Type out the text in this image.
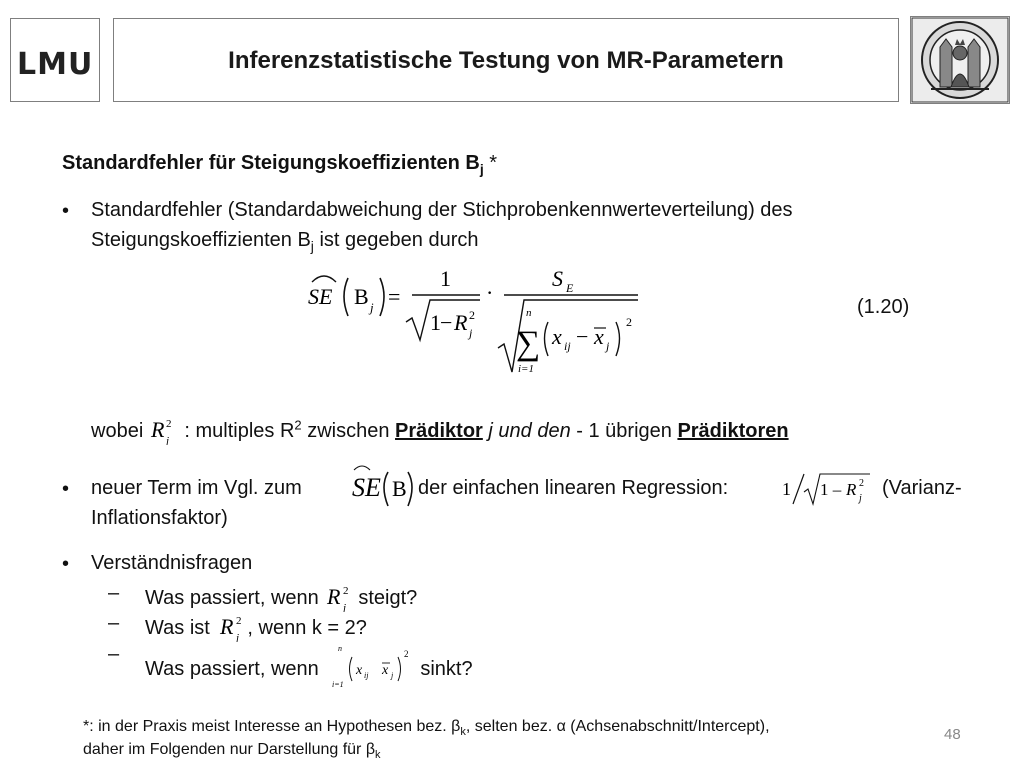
LMU	Inferenzstatistische Testung von MR-Parametern
Standardfehler für Steigungskoeffizienten $B_j$ *
• Standardfehler (Standardabweichung der Stichprobenkennwerteverteilung) des
Steigungskoeffizienten $B_j$ ist gegeben durch
SE B j =
1
1 − R 2
j
·
S E
n
∑
i=1
x ij − x j
2
(1.20)
wobei R 2
j : multiples $R^2$ zwischen Prädiktor j und den - 1 übrigen Prädiktoren
• neuer Term im Vgl. zum SE B der einfachen linearen Regression:	1 1 – R 2
j (Varianz-
Inflationsfaktor)
• Verständnisfragen
– Was passiert, wenn R 2
j steigt?
– Was ist R 2
j , wenn k = 2?
–
Was passiert, wenn
n
i=1
x ij x j
2
sinkt?
*: in der Praxis meist Interesse an Hypothesen bez. $\beta_k$, selten bez. α (Achsenabschnitt/Intercept),
daher im Folgenden nur Darstellung für $\beta_k$
48
